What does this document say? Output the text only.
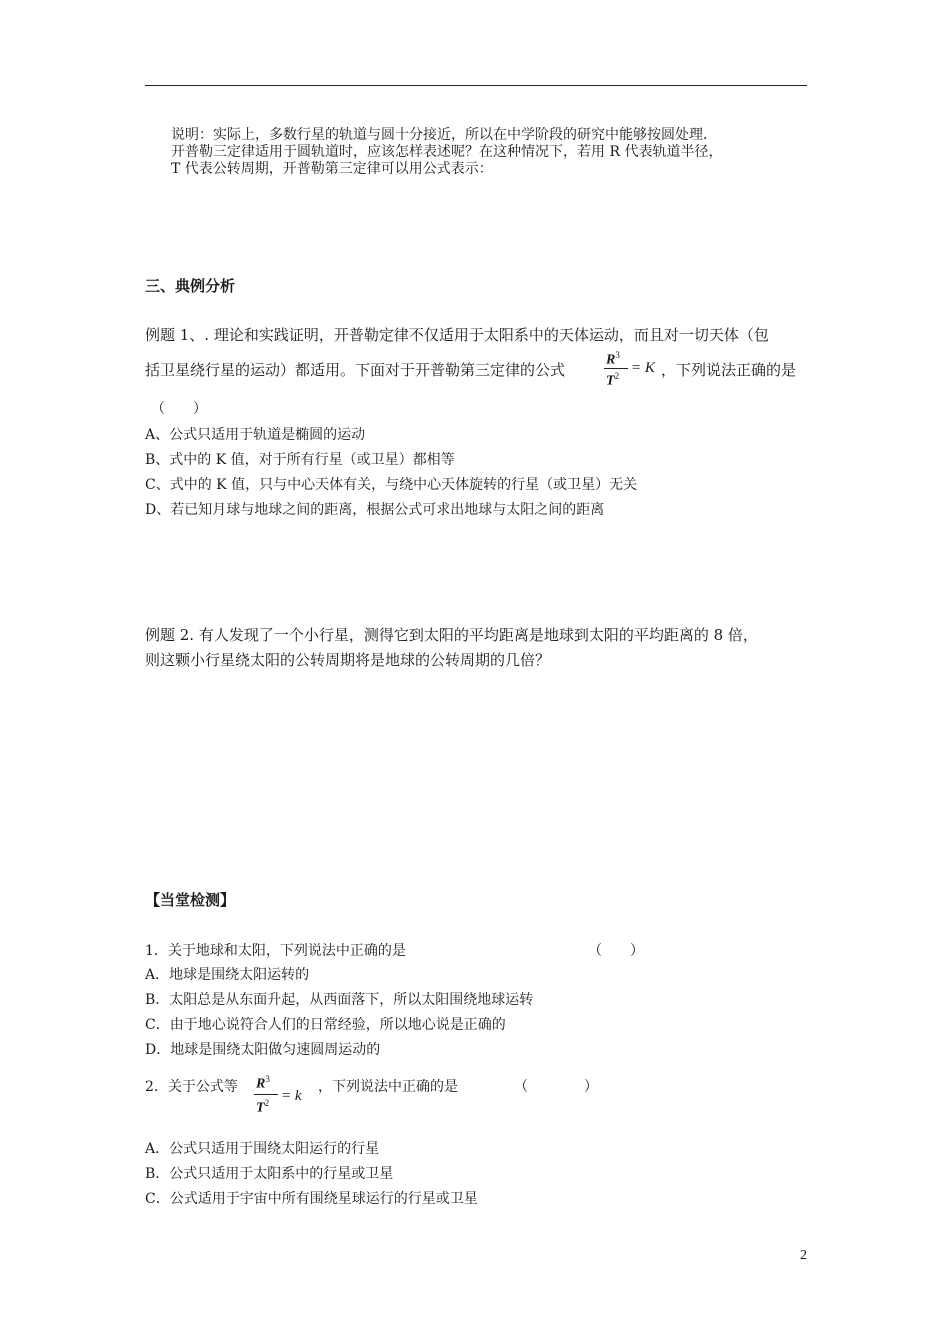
说明：实际上，多数行星的轨道与圆十分接近，所以在中学阶段的研究中能够按圆处理．
开普勒三定律适用于圆轨道时，应该怎样表述呢？在这种情况下，若用 R 代表轨道半径，
T 代表公转周期，开普勒第三定律可以用公式表示：
三、典例分析
例题 1、. 理论和实践证明，开普勒定律不仅适用于太阳系中的天体运动，而且对一切天体（包
括卫星绕行星的运动）都适用。下面对于开普勒第三定律的公式
$R^3$
$T^2 = K$ ，下列说法正确的是
（　　）
A、公式只适用于轨道是椭圆的运动
B、式中的 K 值，对于所有行星（或卫星）都相等
C、式中的 K 值，只与中心天体有关，与绕中心天体旋转的行星（或卫星）无关
D、若已知月球与地球之间的距离，根据公式可求出地球与太阳之间的距离
例题 2. 有人发现了一个小行星，测得它到太阳的平均距离是地球到太阳的平均距离的 8 倍，
则这颗小行星绕太阳的公转周期将是地球的公转周期的几倍？
【当堂检测】
1．关于地球和太阳，下列说法中正确的是	（　　）
A．地球是围绕太阳运转的
B．太阳总是从东面升起，从西面落下，所以太阳围绕地球运转
C．由于地心说符合人们的日常经验，所以地心说是正确的
D．地球是围绕太阳做匀速圆周运动的
2．关于公式等 $R^3$
$T^2 = k$
，下列说法中正确的是	（　　　　）
A．公式只适用于围绕太阳运行的行星
B．公式只适用于太阳系中的行星或卫星
C．公式适用于宇宙中所有围绕星球运行的行星或卫星
2
